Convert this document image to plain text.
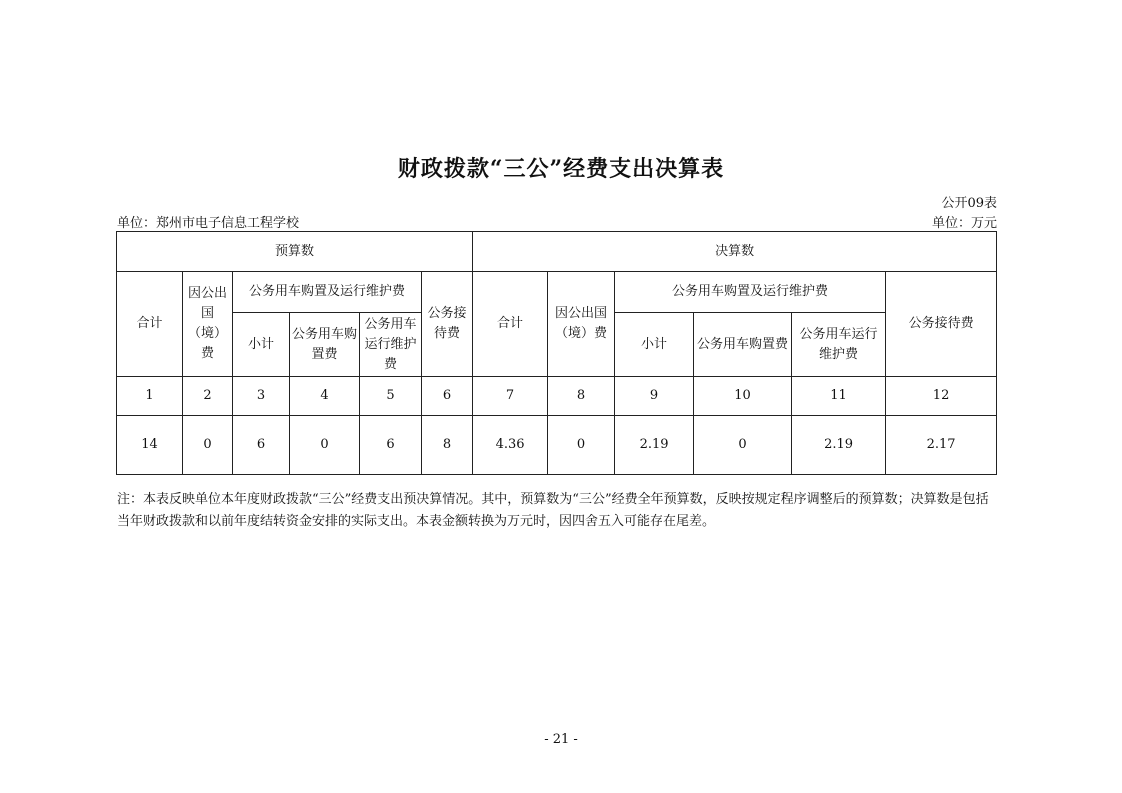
财政拨款“三公”经费支出决算表
公开09表
单位：郑州市电子信息工程学校	单位：万元
预算数						决算数					
合计	因公出国（境）费	公务用车购置及运行维护费			公务接待费	合计	因公出国（境）费	公务用车购置及运行维护费			公务接待费
		小计	公务用车购置费	公务用车运行维护费				小计	公务用车购置费	公务用车运行维护费	
1	2	3	4	5	6	7	8	9	10	11	12
14	0	6	0	6	8	4.36	0	2.19	0	2.19	2.17
注：本表反映单位本年度财政拨款“三公”经费支出预决算情况。其中，预算数为“三公”经费全年预算数，反映按规定程序调整后的预算数；决算数是包括当年财政拨款和以前年度结转资金安排的实际支出。本表金额转换为万元时，因四舍五入可能存在尾差。
- 21 -
